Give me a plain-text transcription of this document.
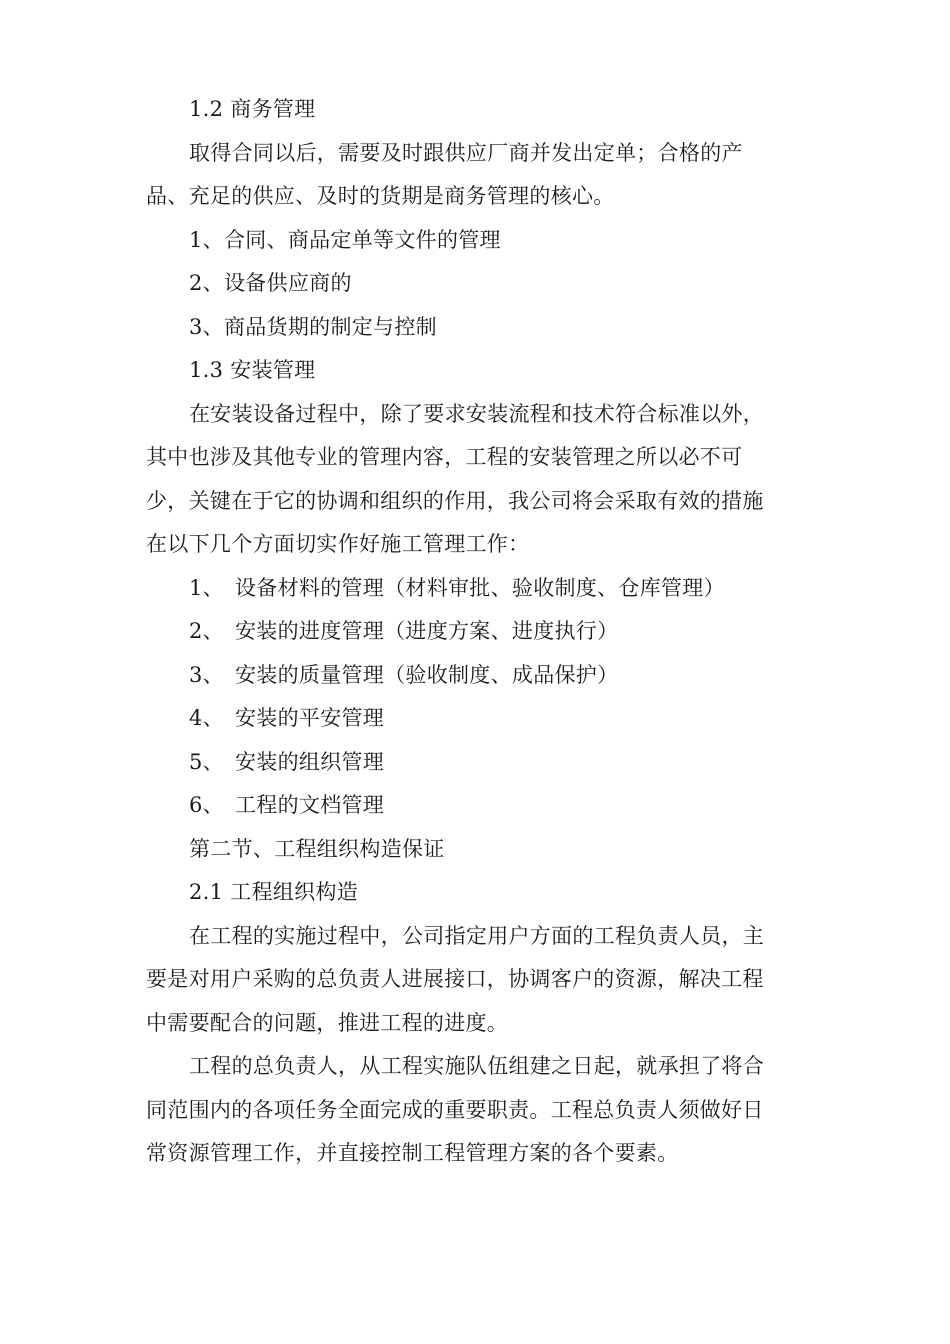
1.2 商务管理
取得合同以后，需要及时跟供应厂商并发出定单；合格的产
品、充足的供应、及时的货期是商务管理的核心。
1、合同、商品定单等文件的管理
2、设备供应商的
3、商品货期的制定与控制
1.3 安装管理
在安装设备过程中，除了要求安装流程和技术符合标准以外，
其中也涉及其他专业的管理内容，工程的安装管理之所以必不可
少，关键在于它的协调和组织的作用，我公司将会采取有效的措施
在以下几个方面切实作好施工管理工作：
1、 设备材料的管理（材料审批、验收制度、仓库管理）
2、 安装的进度管理（进度方案、进度执行）
3、 安装的质量管理（验收制度、成品保护）
4、 安装的平安管理
5、 安装的组织管理
6、 工程的文档管理
第二节、工程组织构造保证
2.1 工程组织构造
在工程的实施过程中，公司指定用户方面的工程负责人员，主
要是对用户采购的总负责人进展接口，协调客户的资源，解决工程
中需要配合的问题，推进工程的进度。
工程的总负责人，从工程实施队伍组建之日起，就承担了将合
同范围内的各项任务全面完成的重要职责。工程总负责人须做好日
常资源管理工作，并直接控制工程管理方案的各个要素。
